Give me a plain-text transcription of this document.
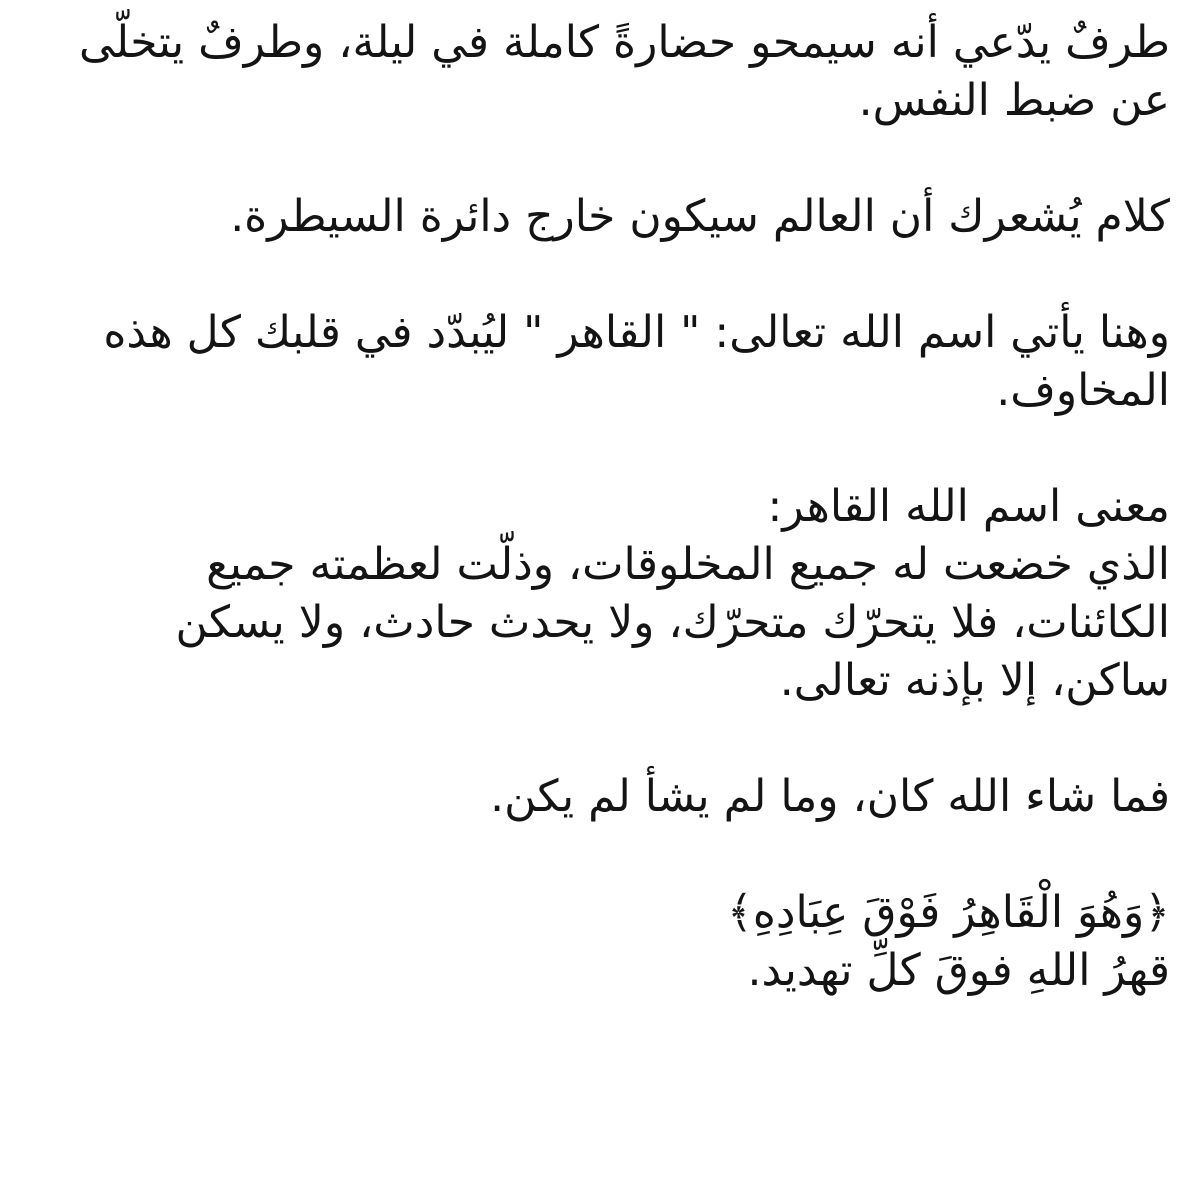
طرفٌ يدّعي أنه سيمحو حضارةً كاملة في ليلة، وطرفٌ يتخلّى عن ضبط النفس.

كلام يُشعرك أن العالم سيكون خارج دائرة السيطرة.

وهنا يأتي اسم الله تعالى: " القاهر " ليُبدّد في قلبك كل هذه المخاوف.

معنى اسم الله القاهر:
الذي خضعت له جميع المخلوقات، وذلّت لعظمته جميع الكائنات، فلا يتحرّك متحرّك، ولا يحدث حادث، ولا يسكن ساكن، إلا بإذنه تعالى.

فما شاء الله كان، وما لم يشأ لم يكن.

﴿وَهُوَ الْقَاهِرُ فَوْقَ عِبَادِهِ﴾
قهرُ اللهِ فوقَ كلِّ تهديد.
